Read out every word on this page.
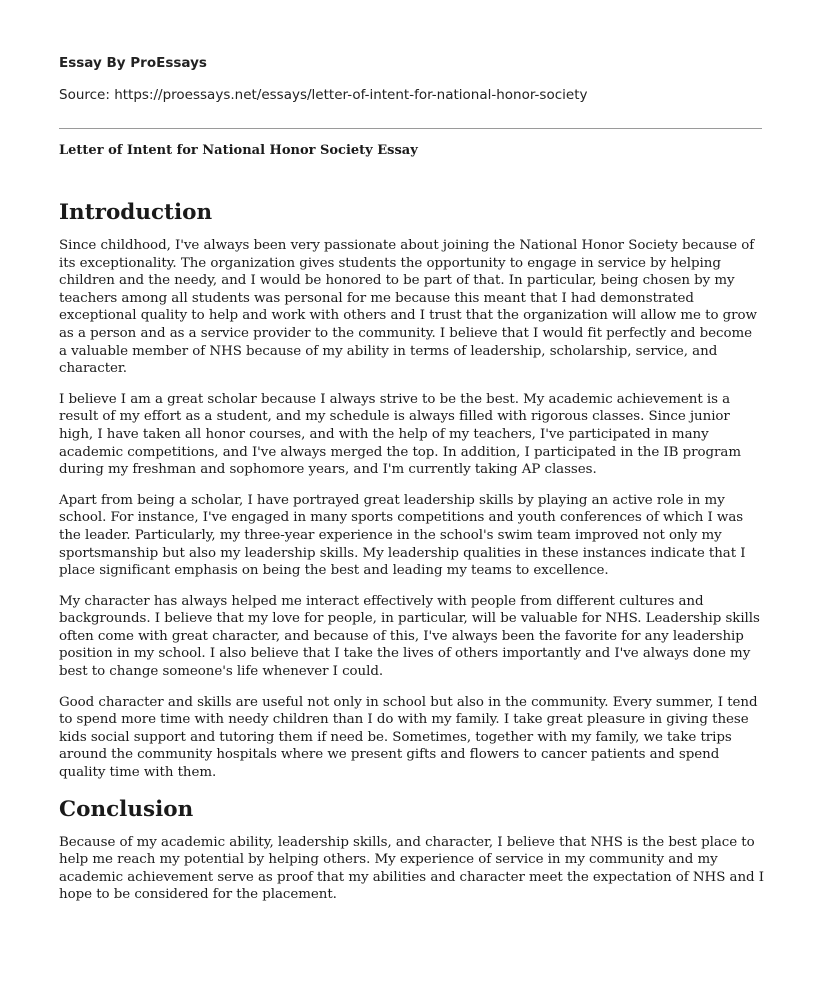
Essay By ProEssays

Source: https://proessays.net/essays/letter-of-intent-for-national-honor-society

Letter of Intent for National Honor Society Essay

Introduction

Since childhood, I've always been very passionate about joining the National Honor Society because of its exceptionality. The organization gives students the opportunity to engage in service by helping children and the needy, and I would be honored to be part of that. In particular, being chosen by my teachers among all students was personal for me because this meant that I had demonstrated exceptional quality to help and work with others and I trust that the organization will allow me to grow as a person and as a service provider to the community. I believe that I would fit perfectly and become a valuable member of NHS because of my ability in terms of leadership, scholarship, service, and character.

I believe I am a great scholar because I always strive to be the best. My academic achievement is a result of my effort as a student, and my schedule is always filled with rigorous classes. Since junior high, I have taken all honor courses, and with the help of my teachers, I've participated in many academic competitions, and I've always merged the top. In addition, I participated in the IB program during my freshman and sophomore years, and I'm currently taking AP classes.

Apart from being a scholar, I have portrayed great leadership skills by playing an active role in my school. For instance, I've engaged in many sports competitions and youth conferences of which I was the leader. Particularly, my three-year experience in the school's swim team improved not only my sportsmanship but also my leadership skills. My leadership qualities in these instances indicate that I place significant emphasis on being the best and leading my teams to excellence.

My character has always helped me interact effectively with people from different cultures and backgrounds. I believe that my love for people, in particular, will be valuable for NHS. Leadership skills often come with great character, and because of this, I've always been the favorite for any leadership position in my school. I also believe that I take the lives of others importantly and I've always done my best to change someone's life whenever I could.

Good character and skills are useful not only in school but also in the community. Every summer, I tend to spend more time with needy children than I do with my family. I take great pleasure in giving these kids social support and tutoring them if need be. Sometimes, together with my family, we take trips around the community hospitals where we present gifts and flowers to cancer patients and spend quality time with them.

Conclusion

Because of my academic ability, leadership skills, and character, I believe that NHS is the best place to help me reach my potential by helping others. My experience of service in my community and my academic achievement serve as proof that my abilities and character meet the expectation of NHS and I hope to be considered for the placement.
